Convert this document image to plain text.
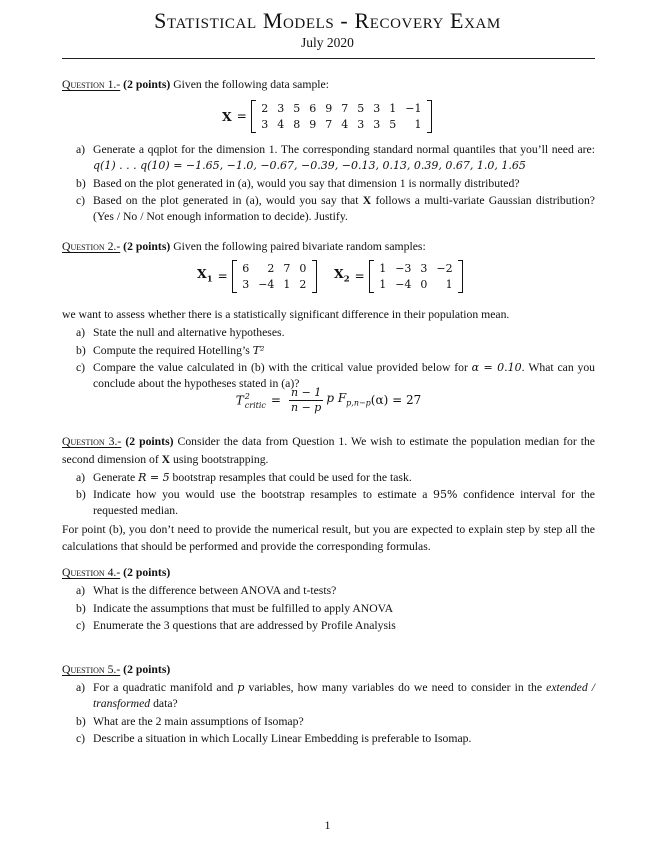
Statistical Models - Recovery Exam
July 2020
Question 1.- (2 points) Given the following data sample:
X =
2	3	5	6	9	7	5	3	1	−1
3	4	8	9	7	4	3	3	5	1
a) Generate a qqplot for the dimension 1. The corresponding standard normal quantiles that you’ll need are: q(1) . . . q(10) = −1.65, −1.0, −0.67, −0.39, −0.13, 0.13, 0.39, 0.67, 1.0, 1.65
b) Based on the plot generated in (a), would you say that dimension 1 is normally distributed?
c) Based on the plot generated in (a), would you say that X follows a multi-variate Gaussian distribution? (Yes / No / Not enough information to decide). Justify.
Question 2.- (2 points) Given the following paired bivariate random samples:
$X_1$ =
6	2	7	0
3	−4	1	2
$X_2$ =
1	−3	3	−2
1	−4	0	1
we want to assess whether there is a statistically significant difference in their population mean.
a) State the null and alternative hypotheses.
b) Compute the required Hotelling’s T²
c) Compare the value calculated in (b) with the critical value provided below for α = 0.10. What can you conclude about the hypotheses stated in (a)?
T 2
critic = $\frac{n - 1}{n - p}$ p $F_{p,n-p}$ (α) = 27
Question 3.- (2 points) Consider the data from Question 1. We wish to estimate the population median for the second dimension of X using bootstrapping.
a) Generate R = 5 bootstrap resamples that could be used for the task.
b) Indicate how you would use the bootstrap resamples to estimate a 95% confidence interval for the requested median.
For point (b), you don’t need to provide the numerical result, but you are expected to explain step by step all the calculations that should be performed and provide the corresponding formulas.
Question 4.- (2 points)
a) What is the difference between ANOVA and t-tests?
b) Indicate the assumptions that must be fulfilled to apply ANOVA
c) Enumerate the 3 questions that are addressed by Profile Analysis
Question 5.- (2 points)
a) For a quadratic manifold and p variables, how many variables do we need to consider in the extended / transformed data?
b) What are the 2 main assumptions of Isomap?
c) Describe a situation in which Locally Linear Embedding is preferable to Isomap.
1
